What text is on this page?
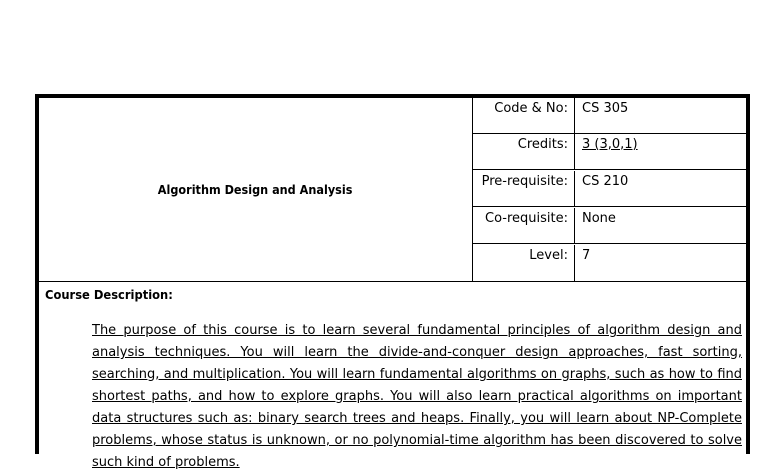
Algorithm Design and Analysis
Code & No:	CS 305
Credits:	3 (3,0,1)
Pre-requisite:	CS 210
Co-requisite:	None
Level:	7
Course Description:
The purpose of this course is to learn several fundamental principles of algorithm design and analysis techniques. You will learn the divide-and-conquer design approaches, fast sorting, searching, and multiplication. You will learn fundamental algorithms on graphs, such as how to find shortest paths, and how to explore graphs. You will also learn practical algorithms on important data structures such as: binary search trees and heaps. Finally, you will learn about NP-Complete problems, whose status is unknown, or no polynomial-time algorithm has been discovered to solve such kind of problems.
